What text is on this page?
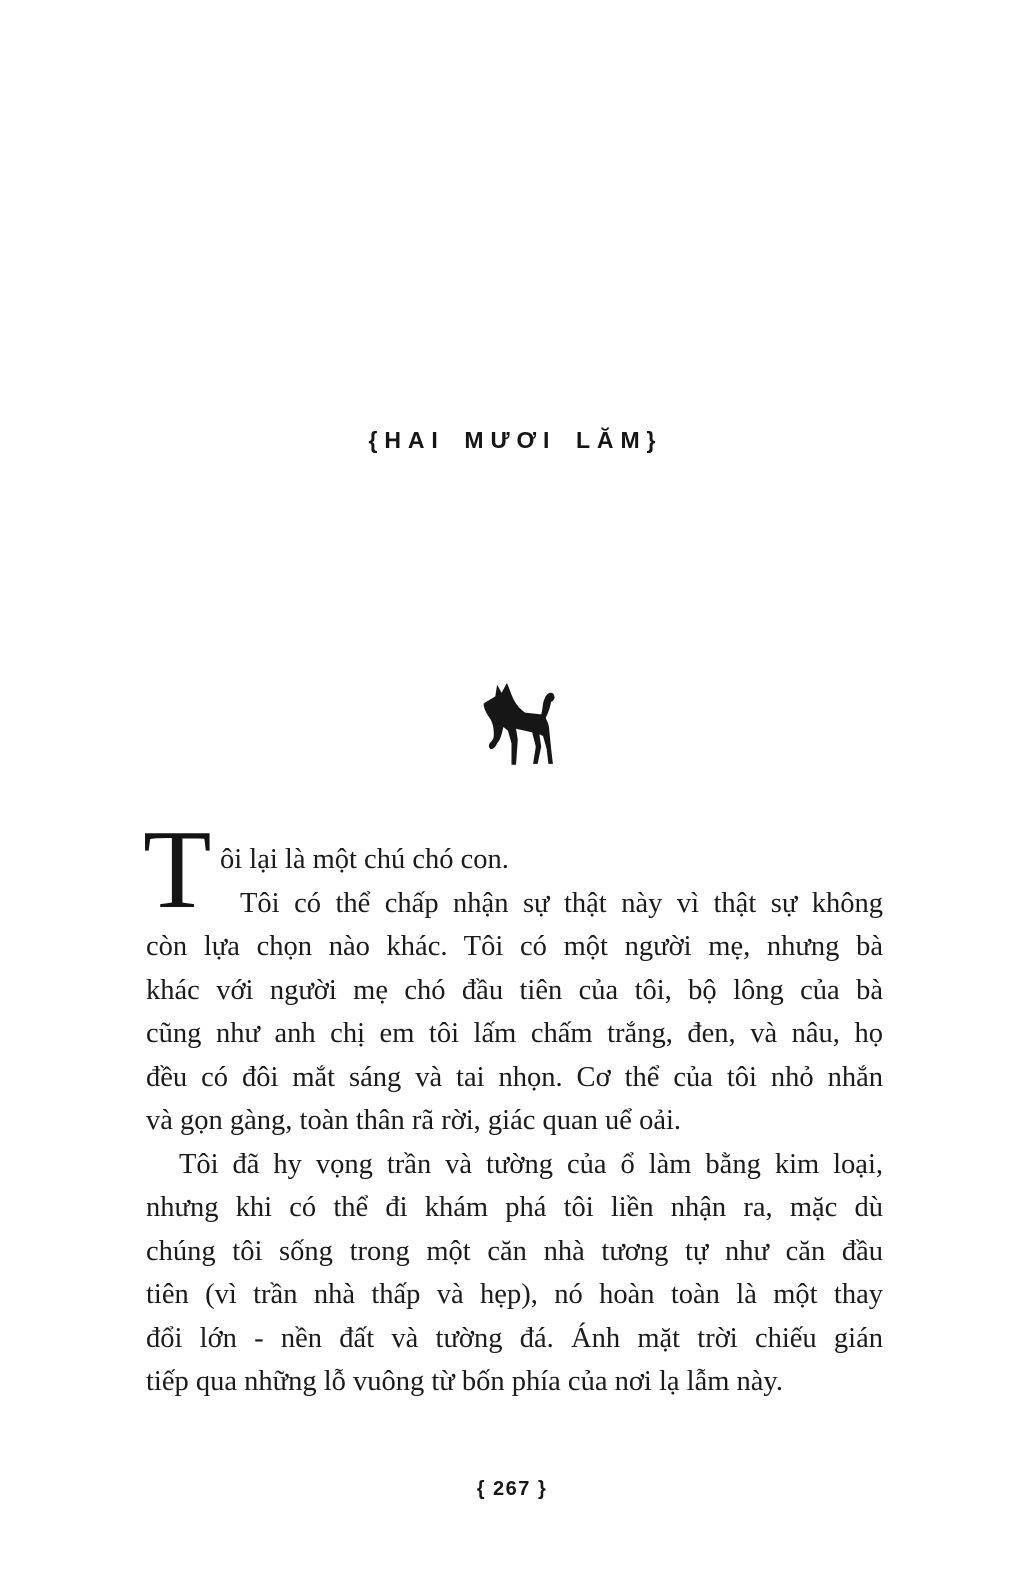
{HAI MƯƠI LĂM}
T ôi lại là một chú chó con.
Tôi có thể chấp nhận sự thật này vì thật sự không
còn lựa chọn nào khác. Tôi có một người mẹ, nhưng bà
khác với người mẹ chó đầu tiên của tôi, bộ lông của bà
cũng như anh chị em tôi lấm chấm trắng, đen, và nâu, họ
đều có đôi mắt sáng và tai nhọn. Cơ thể của tôi nhỏ nhắn
và gọn gàng, toàn thân rã rời, giác quan uể oải.
Tôi đã hy vọng trần và tường của ổ làm bằng kim loại,
nhưng khi có thể đi khám phá tôi liền nhận ra, mặc dù
chúng tôi sống trong một căn nhà tương tự như căn đầu
tiên (vì trần nhà thấp và hẹp), nó hoàn toàn là một thay
đổi lớn - nền đất và tường đá. Ánh mặt trời chiếu gián
tiếp qua những lỗ vuông từ bốn phía của nơi lạ lẫm này.
{ 267 }
